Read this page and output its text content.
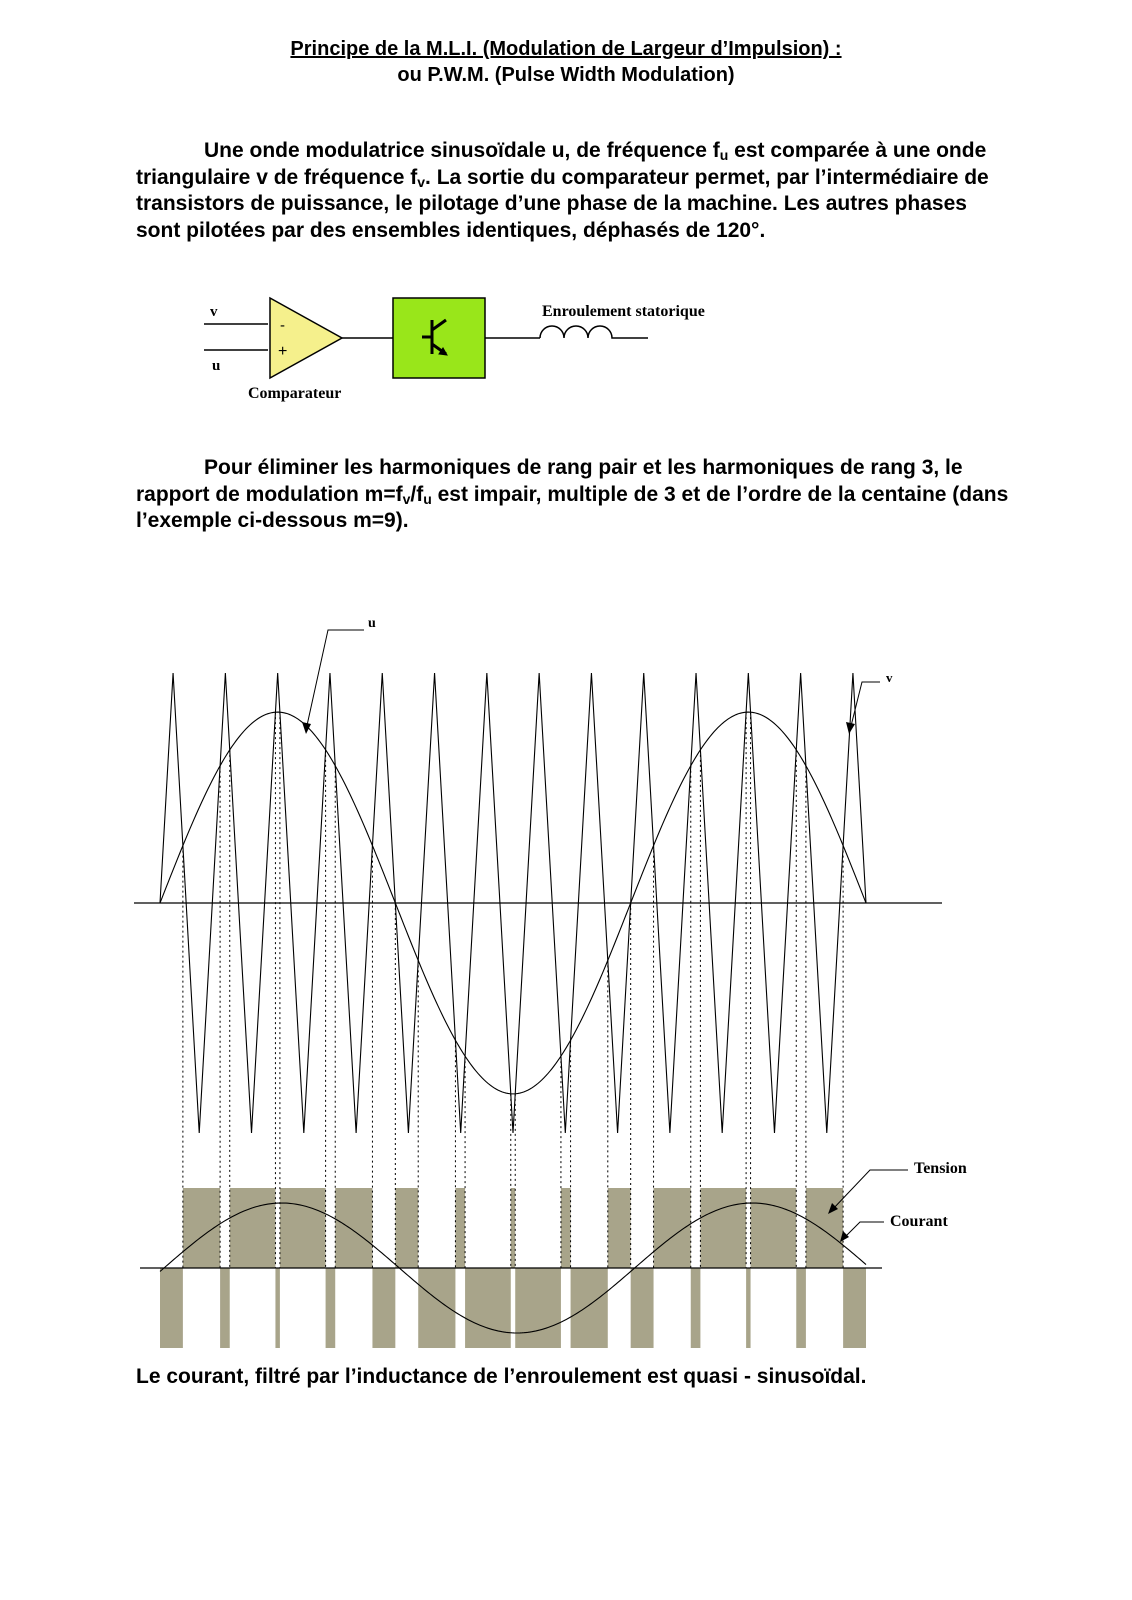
Principe de la M.L.I. (Modulation de Largeur d’Impulsion) :
ou P.W.M. (Pulse Width Modulation)
Une onde modulatrice sinusoïdale u, de fréquence $f_u$ est comparée à une onde triangulaire v de fréquence $f_v$. La sortie du comparateur permet, par l’intermédiaire de transistors de puissance, le pilotage d’une phase de la machine. Les autres phases sont pilotées par des ensembles identiques, déphasés de 120°.
v
u
-
+
Comparateur
Enroulement statorique
u
v
Tension
Courant
Pour éliminer les harmoniques de rang pair et les harmoniques de rang 3, le rapport de modulation $m=f_v/f_u$ est impair, multiple de 3 et de l’ordre de la centaine (dans l’exemple ci-dessous m=9).
Le courant, filtré par l’inductance de l’enroulement est quasi - sinusoïdal.
